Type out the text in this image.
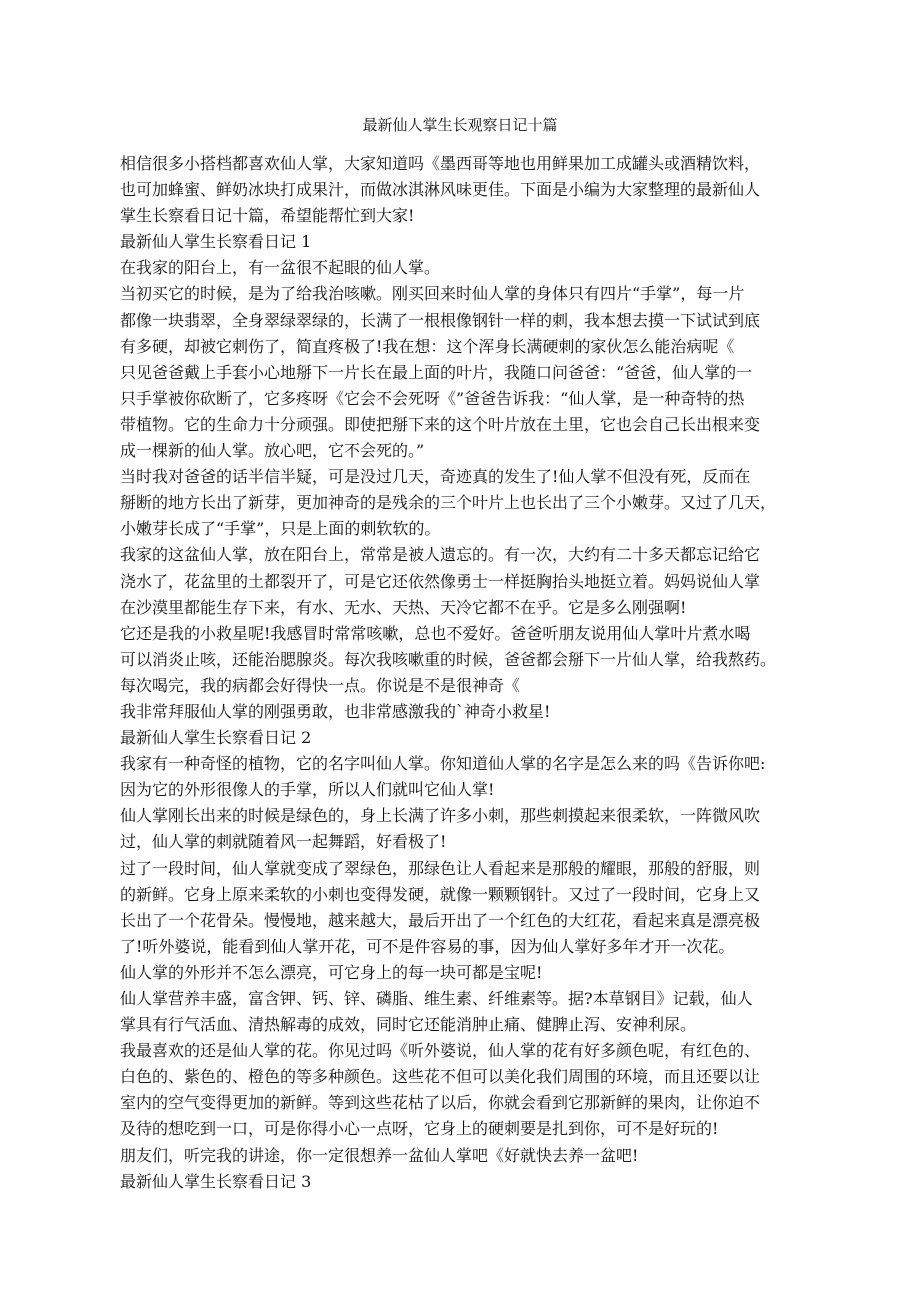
最新仙人掌生长观察日记十篇
相信很多小搭档都喜欢仙人掌，大家知道吗《墨西哥等地也用鲜果加工成罐头或酒精饮料，
也可加蜂蜜、鲜奶冰块打成果汁，而做冰淇淋风味更佳。下面是小编为大家整理的最新仙人
掌生长察看日记十篇，希望能帮忙到大家!
最新仙人掌生长察看日记 1
在我家的阳台上，有一盆很不起眼的仙人掌。
当初买它的时候，是为了给我治咳嗽。刚买回来时仙人掌的身体只有四片“手掌”，每一片
都像一块翡翠，全身翠绿翠绿的，长满了一根根像钢针一样的刺，我本想去摸一下试试到底
有多硬，却被它刺伤了，简直疼极了!我在想：这个浑身长满硬刺的家伙怎么能治病呢《
只见爸爸戴上手套小心地掰下一片长在最上面的叶片，我随口问爸爸：“爸爸，仙人掌的一
只手掌被你砍断了，它多疼呀《它会不会死呀《”爸爸告诉我：“仙人掌，是一种奇特的热
带植物。它的生命力十分顽强。即使把掰下来的这个叶片放在土里，它也会自己长出根来变
成一棵新的仙人掌。放心吧，它不会死的。”
当时我对爸爸的话半信半疑，可是没过几天，奇迹真的发生了!仙人掌不但没有死，反而在
掰断的地方长出了新芽，更加神奇的是残余的三个叶片上也长出了三个小嫩芽。又过了几天，
小嫩芽长成了“手掌”，只是上面的刺软软的。
我家的这盆仙人掌，放在阳台上，常常是被人遗忘的。有一次，大约有二十多天都忘记给它
浇水了，花盆里的土都裂开了，可是它还依然像勇士一样挺胸抬头地挺立着。妈妈说仙人掌
在沙漠里都能生存下来，有水、无水、天热、天冷它都不在乎。它是多么刚强啊!
它还是我的小救星呢!我感冒时常常咳嗽，总也不爱好。爸爸听朋友说用仙人掌叶片煮水喝
可以消炎止咳，还能治腮腺炎。每次我咳嗽重的时候，爸爸都会掰下一片仙人掌，给我熬药。
每次喝完，我的病都会好得快一点。你说是不是很神奇《
我非常拜服仙人掌的刚强勇敢，也非常感激我的`神奇小救星!
最新仙人掌生长察看日记 2
我家有一种奇怪的植物，它的名字叫仙人掌。你知道仙人掌的名字是怎么来的吗《告诉你吧:
因为它的外形很像人的手掌，所以人们就叫它仙人掌!
仙人掌刚长出来的时候是绿色的，身上长满了许多小刺，那些刺摸起来很柔软，一阵微风吹
过，仙人掌的刺就随着风一起舞蹈，好看极了!
过了一段时间，仙人掌就变成了翠绿色，那绿色让人看起来是那般的耀眼，那般的舒服，则
的新鲜。它身上原来柔软的小刺也变得发硬，就像一颗颗钢针。又过了一段时间，它身上又
长出了一个花骨朵。慢慢地，越来越大，最后开出了一个红色的大红花，看起来真是漂亮极
了!听外婆说，能看到仙人掌开花，可不是件容易的事，因为仙人掌好多年才开一次花。
仙人掌的外形并不怎么漂亮，可它身上的每一块可都是宝呢!
仙人掌营养丰盛，富含钾、钙、锌、磷脂、维生素、纤维素等。据?本草钢目》记载，仙人
掌具有行气活血、清热解毒的成效，同时它还能消肿止痛、健脾止泻、安神利尿。
我最喜欢的还是仙人掌的花。你见过吗《听外婆说，仙人掌的花有好多颜色呢，有红色的、
白色的、紫色的、橙色的等多种颜色。这些花不但可以美化我们周围的环境，而且还要以让
室内的空气变得更加的新鲜。等到这些花枯了以后，你就会看到它那新鲜的果肉，让你迫不
及待的想吃到一口，可是你得小心一点呀，它身上的硬刺要是扎到你，可不是好玩的!
朋友们，听完我的讲途，你一定很想养一盆仙人掌吧《好就快去养一盆吧!
最新仙人掌生长察看日记 3
